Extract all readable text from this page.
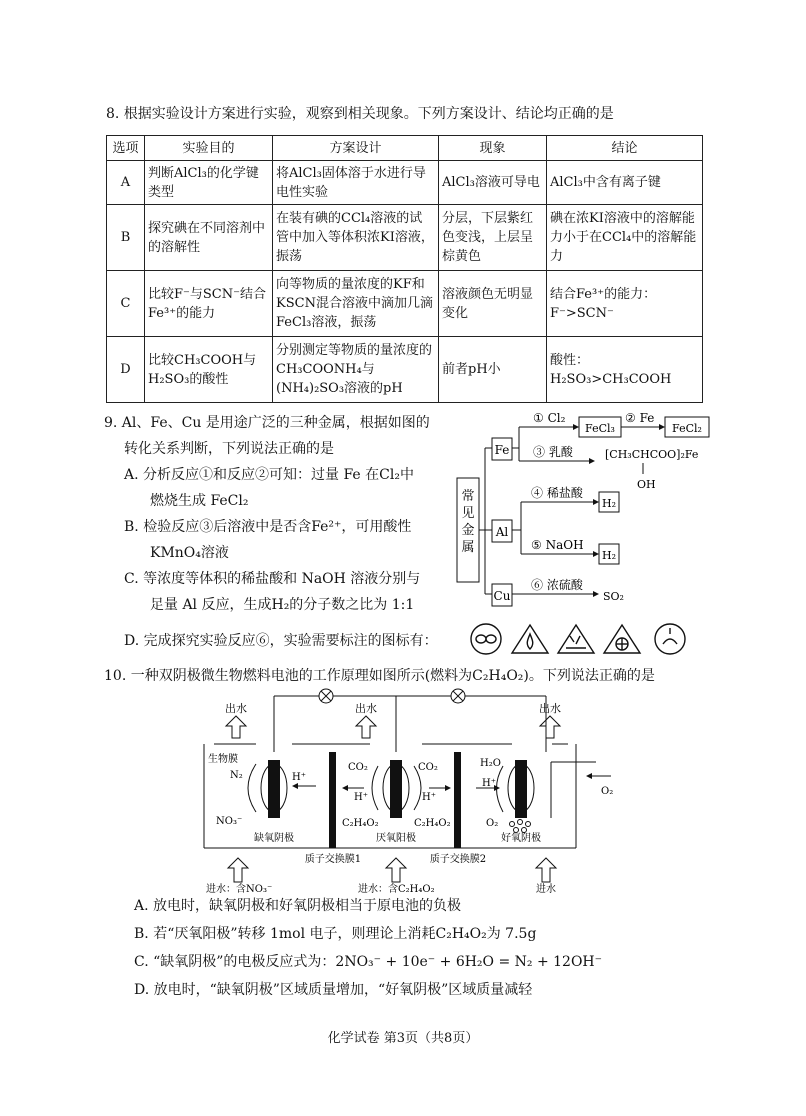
8. 根据实验设计方案进行实验，观察到相关现象。下列方案设计、结论均正确的是
选项	实验目的	方案设计	现象	结论
A	判断AlCl₃的化学键类型	将AlCl₃固体溶于水进行导电性实验	AlCl₃溶液可导电	AlCl₃中含有离子键
B	探究碘在不同溶剂中的溶解性	在装有碘的CCl₄溶液的试管中加入等体积浓KI溶液，振荡	分层，下层紫红色变浅，上层呈棕黄色	碘在浓KI溶液中的溶解能力小于在CCl₄中的溶解能力
C	比较F⁻与SCN⁻结合Fe³⁺的能力	向等物质的量浓度的KF和KSCN混合溶液中滴加几滴FeCl₃溶液，振荡	溶液颜色无明显变化	结合Fe³⁺的能力：F⁻>SCN⁻
D	比较CH₃COOH与H₂SO₃的酸性	分别测定等物质的量浓度的CH₃COONH₄与(NH₄)₂SO₃溶液的pH	前者pH小	酸性：H₂SO₃>CH₃COOH
9. Al、Fe、Cu 是用途广泛的三种金属，根据如图的
转化关系判断，下列说法正确的是
A. 分析反应①和反应②可知：过量 Fe 在Cl₂中
燃烧生成 FeCl₂
B. 检验反应③后溶液中是否含Fe²⁺，可用酸性
KMnO₄溶液
C. 等浓度等体积的稀盐酸和 NaOH 溶液分别与
足量 Al 反应，生成H₂的分子数之比为 1:1
D. 完成探究实验反应⑥，实验需要标注的图标有：
常
见
金
属
Fe
Al
Cu
① Cl₂
FeCl₃
② Fe
FeCl₂
③ 乳酸	[CH₃CHCOO]₂Fe
OH
④ 稀盐酸
H₂
⑤ NaOH
H₂
⑥ 浓硫酸
SO₂
10. 一种双阴极微生物燃料电池的工作原理如图所示(燃料为C₂H₄O₂)。下列说法正确的是
出水	出水	出水
生物膜
N₂
NO₃⁻
H⁺
CO₂	CO₂
H⁺	H⁺
C₂H₄O₂	C₂H₄O₂
H₂O
H⁺
O₂
O₂
缺氧阴极	厌氧阳极	好氧阴极
质子交换膜1	质子交换膜2
进水：含NO₃⁻	进水：含C₂H₄O₂	进水
A. 放电时，缺氧阴极和好氧阴极相当于原电池的负极
B. 若“厌氧阳极”转移 1mol 电子，则理论上消耗C₂H₄O₂为 7.5g
C. “缺氧阴极”的电极反应式为：2NO₃⁻ + 10e⁻ + 6H₂O = N₂ + 12OH⁻
D. 放电时，“缺氧阴极”区域质量增加，“好氧阴极”区域质量减轻
化学试卷 第3页（共8页）
